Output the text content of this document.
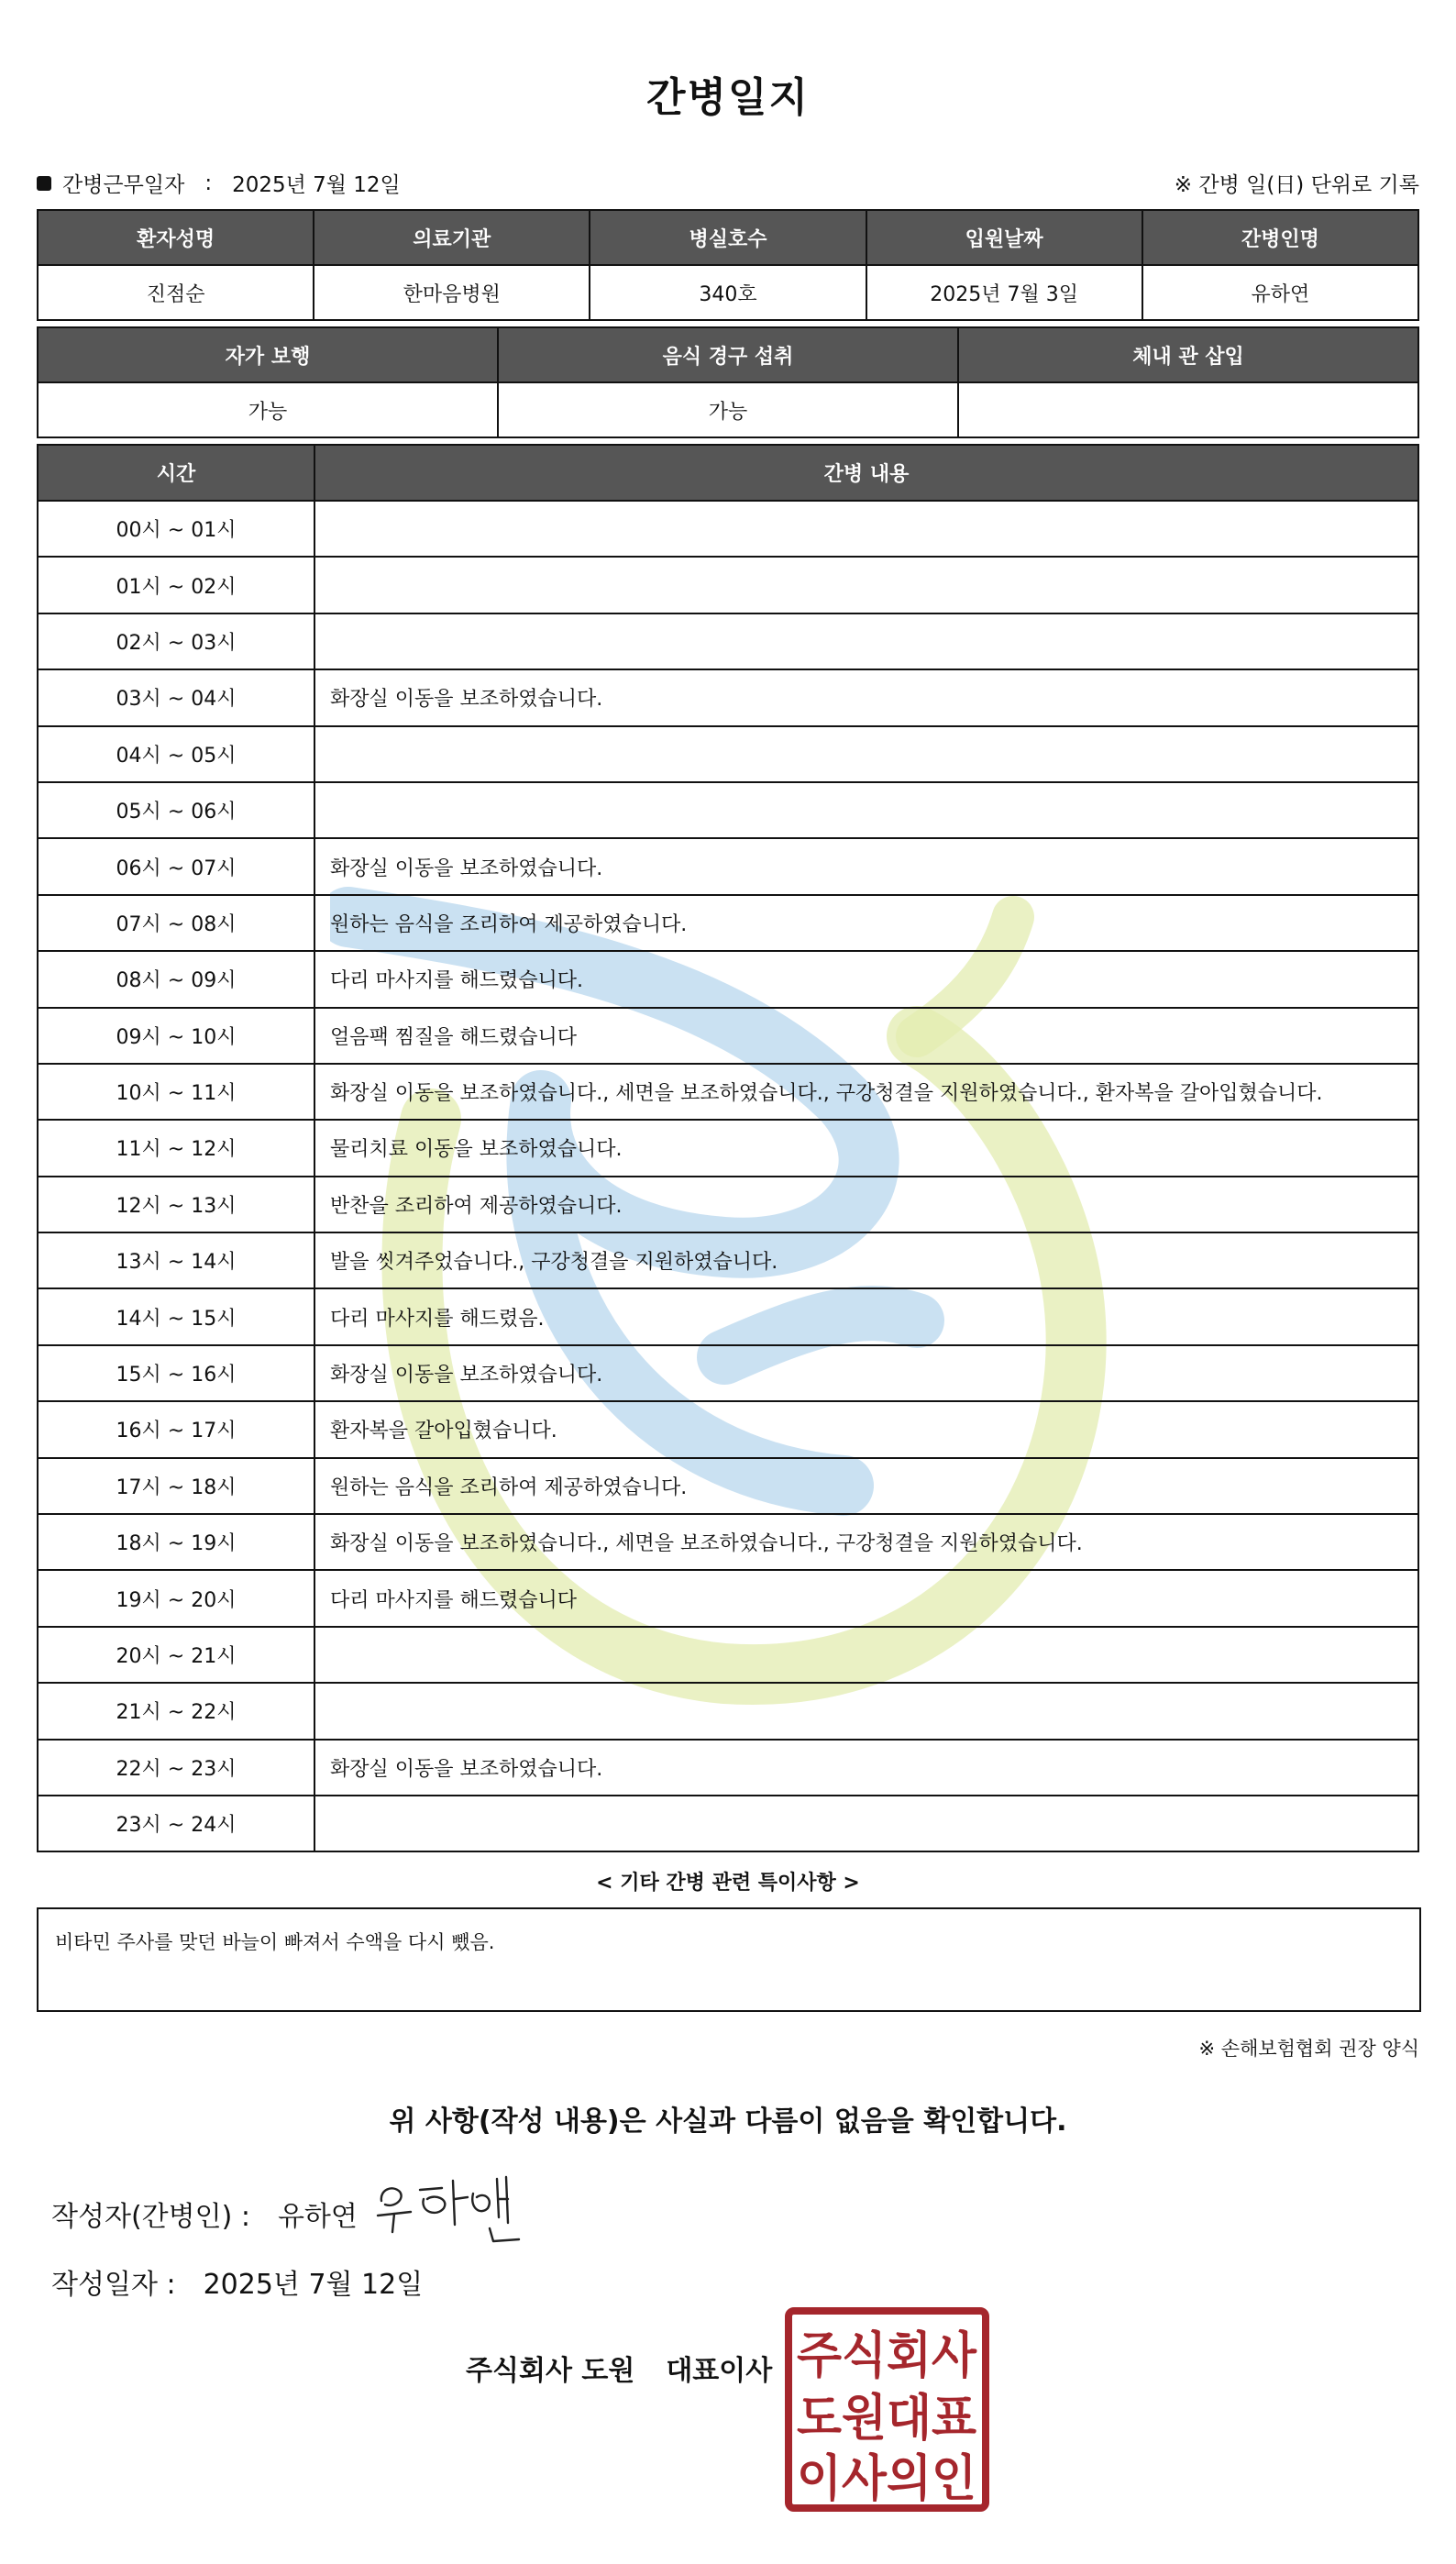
간병일지
간병근무일자 : 2025년 7월 12일	※ 간병 일(日) 단위로 기록
환자성명	의료기관	병실호수	입원날짜	간병인명
진점순	한마음병원	340호	2025년 7월 3일	유하연
자가 보행	음식 경구 섭취	체내 관 삽입
가능	가능	
시간	간병 내용
00시 ~ 01시	
01시 ~ 02시	
02시 ~ 03시	
03시 ~ 04시	화장실 이동을 보조하였습니다.
04시 ~ 05시	
05시 ~ 06시	
06시 ~ 07시	화장실 이동을 보조하였습니다.
07시 ~ 08시	원하는 음식을 조리하여 제공하였습니다.
08시 ~ 09시	다리 마사지를 해드렸습니다.
09시 ~ 10시	얼음팩 찜질을 해드렸습니다
10시 ~ 11시	화장실 이동을 보조하였습니다., 세면을 보조하였습니다., 구강청결을 지원하였습니다., 환자복을 갈아입혔습니다.
11시 ~ 12시	물리치료 이동을 보조하였습니다.
12시 ~ 13시	반찬을 조리하여 제공하였습니다.
13시 ~ 14시	발을 씻겨주었습니다., 구강청결을 지원하였습니다.
14시 ~ 15시	다리 마사지를 해드렸음.
15시 ~ 16시	화장실 이동을 보조하였습니다.
16시 ~ 17시	환자복을 갈아입혔습니다.
17시 ~ 18시	원하는 음식을 조리하여 제공하였습니다.
18시 ~ 19시	화장실 이동을 보조하였습니다., 세면을 보조하였습니다., 구강청결을 지원하였습니다.
19시 ~ 20시	다리 마사지를 해드렸습니다
20시 ~ 21시	
21시 ~ 22시	
22시 ~ 23시	화장실 이동을 보조하였습니다.
23시 ~ 24시	
< 기타 간병 관련 특이사항 >
비타민 주사를 맞던 바늘이 빠져서 수액을 다시 뺐음.
※ 손해보험협회 권장 양식
위 사항(작성 내용)은 사실과 다름이 없음을 확인합니다.
작성자(간병인) : 유하연
작성일자 : 2025년 7월 12일
주식회사 도원 대표이사 주식회사
도원대표
이사의인
